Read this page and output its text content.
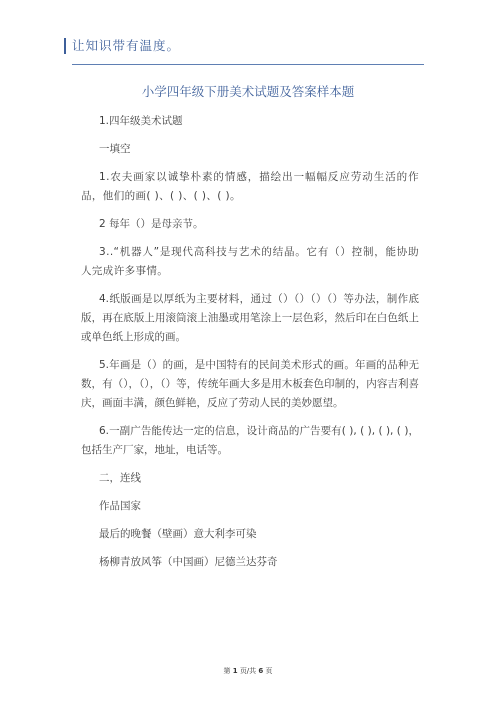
让知识带有温度。
小学四年级下册美术试题及答案样本题

1.四年级美术试题

一填空

1.农夫画家以诚挚朴素的情感，描绘出一幅幅反应劳动生活的作品，他们的画( )、( )、( )、( )。

2 每年（）是母亲节。

3..“机器人”是现代高科技与艺术的结晶。它有（）控制，能协助人完成许多事情。

4.纸版画是以厚纸为主要材料，通过（）（）（）（）等办法，制作底版，再在底版上用滚筒滚上油墨或用笔涂上一层色彩，然后印在白色纸上或单色纸上形成的画。

5.年画是（）的画，是中国特有的民间美术形式的画。年画的品种无数，有（），（），（）等，传统年画大多是用木板套色印制的，内容吉利喜庆，画面丰满，颜色鲜艳，反应了劳动人民的美妙愿望。

6.一副广告能传达一定的信息，设计商品的广告要有( ), ( ), ( ), ( )，包括生产厂家，地址，电话等。

二，连线

作品国家

最后的晚餐（壁画）意大利李可染

杨柳青放风筝（中国画）尼德兰达芬奇

第 1 页/共 6 页
